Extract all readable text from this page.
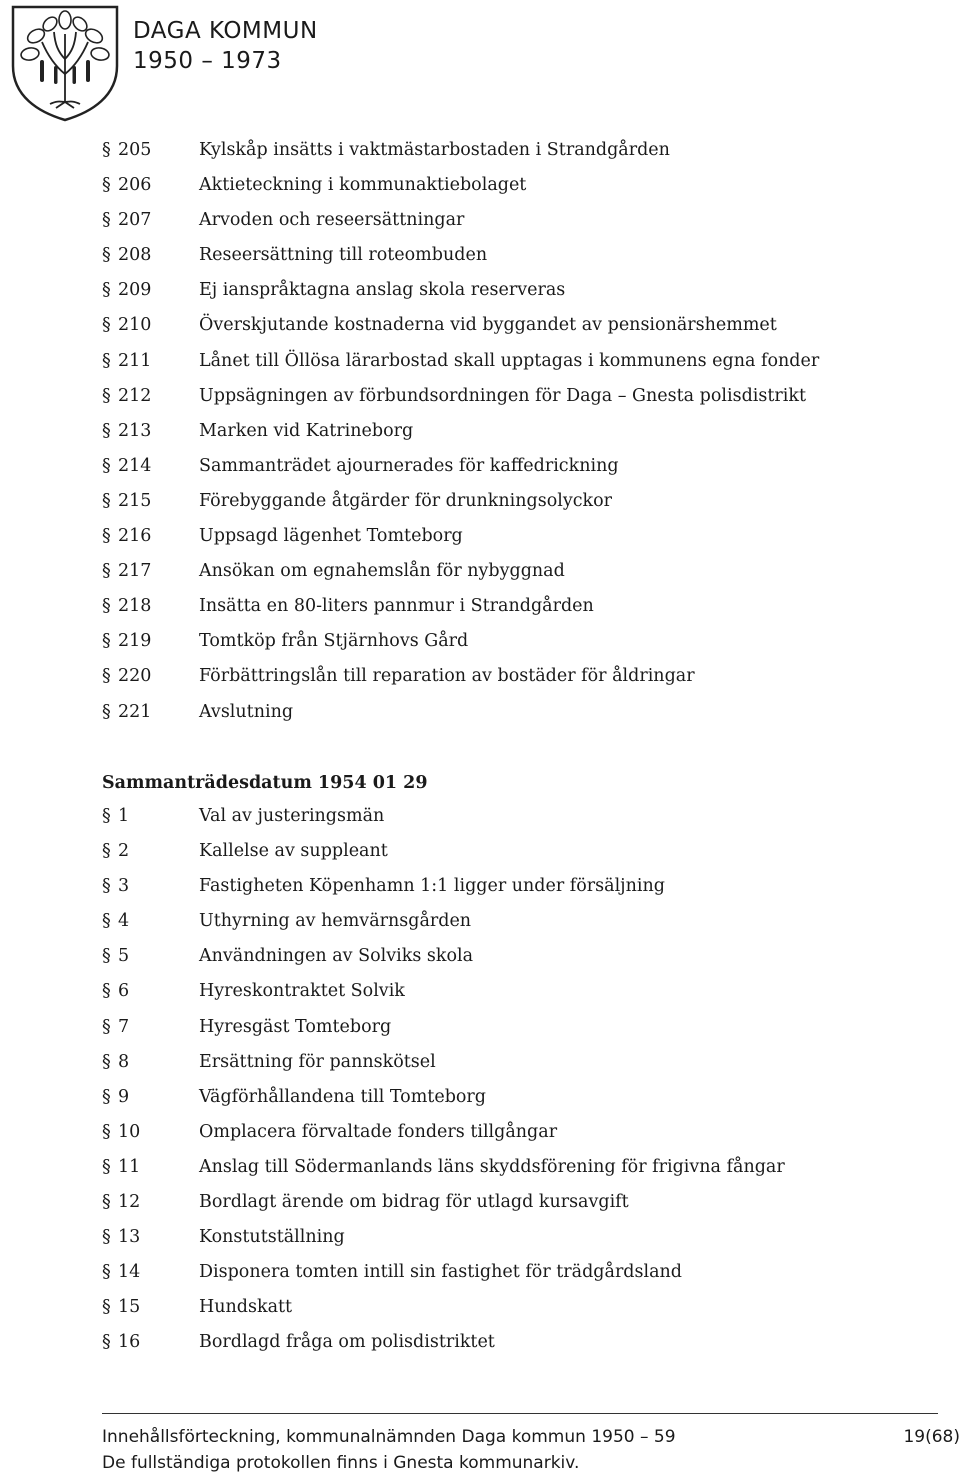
DAGA KOMMUN
1950 – 1973
§ 205	Kylskåp insätts i vaktmästarbostaden i Strandgården
§ 206	Aktieteckning i kommunaktiebolaget
§ 207	Arvoden och reseersättningar
§ 208	Reseersättning till roteombuden
§ 209	Ej ianspråktagna anslag skola reserveras
§ 210	Överskjutande kostnaderna vid byggandet av pensionärshemmet
§ 211	Lånet till Öllösa lärarbostad skall upptagas i kommunens egna fonder
§ 212	Uppsägningen av förbundsordningen för Daga – Gnesta polisdistrikt
§ 213	Marken vid Katrineborg
§ 214	Sammanträdet ajournerades för kaffedrickning
§ 215	Förebyggande åtgärder för drunkningsolyckor
§ 216	Uppsagd lägenhet Tomteborg
§ 217	Ansökan om egnahemslån för nybyggnad
§ 218	Insätta en 80-liters pannmur i Strandgården
§ 219	Tomtköp från Stjärnhovs Gård
§ 220	Förbättringslån till reparation av bostäder för åldringar
§ 221	Avslutning
Sammanträdesdatum 1954 01 29
§ 1	Val av justeringsmän
§ 2	Kallelse av suppleant
§ 3	Fastigheten Köpenhamn 1:1 ligger under försäljning
§ 4	Uthyrning av hemvärnsgården
§ 5	Användningen av Solviks skola
§ 6	Hyreskontraktet Solvik
§ 7	Hyresgäst Tomteborg
§ 8	Ersättning för pannskötsel
§ 9	Vägförhållandena till Tomteborg
§ 10	Omplacera förvaltade fonders tillgångar
§ 11	Anslag till Södermanlands läns skyddsförening för frigivna fångar
§ 12	Bordlagt ärende om bidrag för utlagd kursavgift
§ 13	Konstutställning
§ 14	Disponera tomten intill sin fastighet för trädgårdsland
§ 15	Hundskatt
§ 16	Bordlagd fråga om polisdistriktet
Innehållsförteckning, kommunalnämnden Daga kommun 1950 – 59
De fullständiga protokollen finns i Gnesta kommunarkiv.
19(68)
